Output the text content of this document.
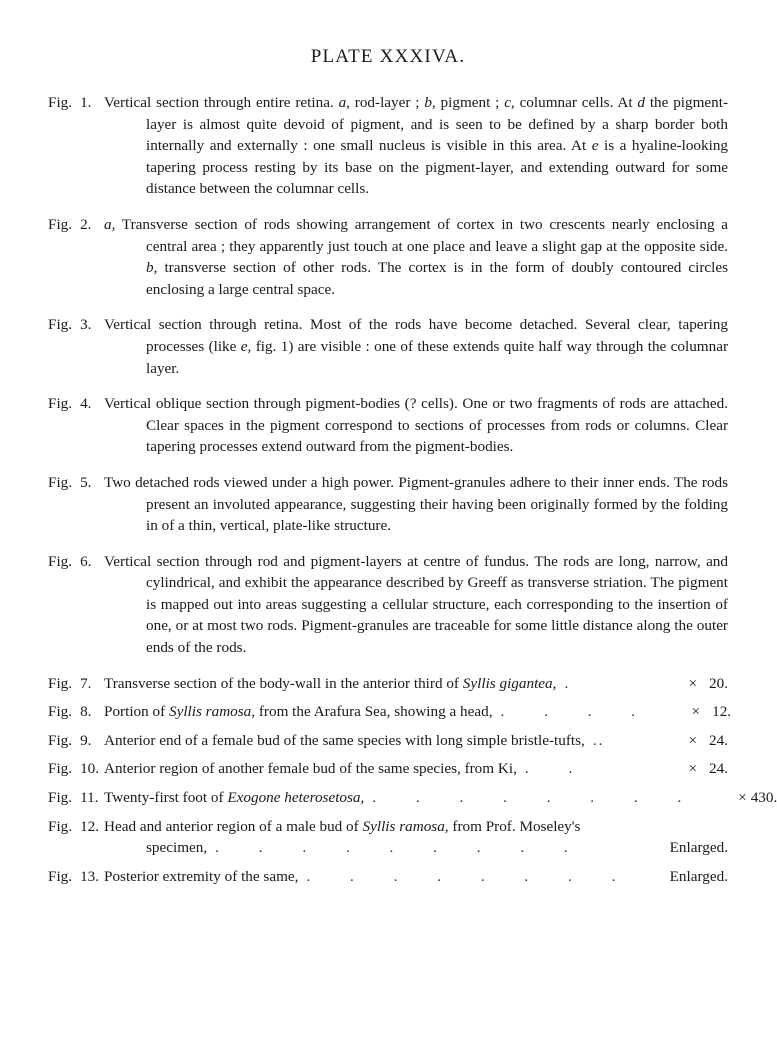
PLATE XXXIVA.
Fig. 1. Vertical section through entire retina. a, rod-layer ; b, pigment ; c, columnar cells. At d the pigment-layer is almost quite devoid of pigment, and is seen to be defined by a sharp border both internally and externally : one small nucleus is visible in this area. At e is a hyaline-looking tapering process resting by its base on the pigment-layer, and extending outward for some distance between the columnar cells.
Fig. 2. a, Transverse section of rods showing arrangement of cortex in two crescents nearly enclosing a central area ; they apparently just touch at one place and leave a slight gap at the opposite side. b, transverse section of other rods. The cortex is in the form of doubly contoured circles enclosing a large central space.
Fig. 3. Vertical section through retina. Most of the rods have become detached. Several clear, tapering processes (like e, fig. 1) are visible : one of these extends quite half way through the columnar layer.
Fig. 4. Vertical oblique section through pigment-bodies (? cells). One or two fragments of rods are attached. Clear spaces in the pigment correspond to sections of processes from rods or columns. Clear tapering processes extend outward from the pigment-bodies.
Fig. 5. Two detached rods viewed under a high power. Pigment-granules adhere to their inner ends. The rods present an involuted appearance, suggesting their having been originally formed by the folding in of a thin, vertical, plate-like structure.
Fig. 6. Vertical section through rod and pigment-layers at centre of fundus. The rods are long, narrow, and cylindrical, and exhibit the appearance described by Greeff as transverse striation. The pigment is mapped out into areas suggesting a cellular structure, each corresponding to the insertion of one, or at most two rods. Pigment-granules are traceable for some little distance along the outer ends of the rods.
Fig. 7. Transverse section of the body-wall in the anterior third of Syllis gigantea, .	× 20.
Fig. 8. Portion of Syllis ramosa, from the Arafura Sea, showing a head, . . . .	× 12.
Fig. 9. Anterior end of a female bud of the same species with long simple bristle-tufts, ..	× 24.
Fig. 10. Anterior region of another female bud of the same species, from Ki, . .	× 24.
Fig. 11. Twenty-first foot of Exogone heterosetosa, . . . . . . . .	× 430.
Fig. 12. Head and anterior region of a male bud of Syllis ramosa, from Prof. Moseley's
specimen, . . . . . . . . .	Enlarged.
Fig. 13. Posterior extremity of the same, . . . . . . . .	Enlarged.
